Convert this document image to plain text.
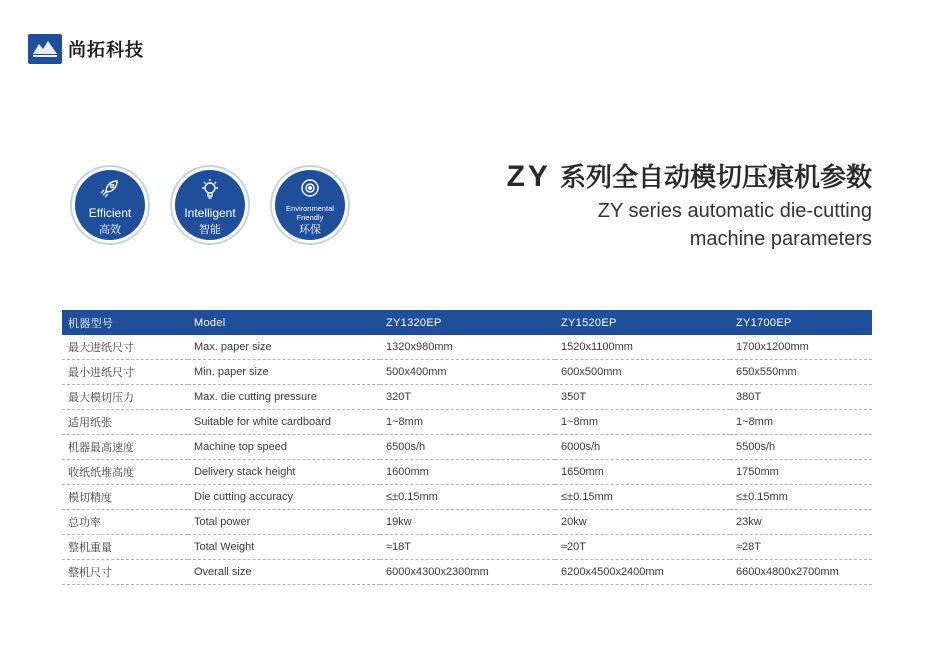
尚拓科技
ZY 系列全自动模切压痕机参数
ZY series automatic die-cutting
machine parameters
Efficient
高效
Intelligent
智能
Environmental
Friendly
环保
机器型号	Model	ZY1320EP	ZY1520EP	ZY1700EP
最大进纸尺寸	Max. paper size	1320x980mm	1520x1100mm	1700x1200mm
最小进纸尺寸	Min. paper size	500x400mm	600x500mm	650x550mm
最大模切压力	Max. die cutting pressure	320T	350T	380T
适用纸张	Suitable for white cardboard	1~8mm	1~8mm	1~8mm
机器最高速度	Machine top speed	6500s/h	6000s/h	5500s/h
收纸纸堆高度	Delivery stack height	1600mm	1650mm	1750mm
模切精度	Die cutting accuracy	≤±0.15mm	≤±0.15mm	≤±0.15mm
总功率	Total power	19kw	20kw	23kw
整机重量	Total Weight	≈18T	≈20T	≈28T
整机尺寸	Overall size	6000x4300x2300mm	6200x4500x2400mm	6600x4800x2700mm
